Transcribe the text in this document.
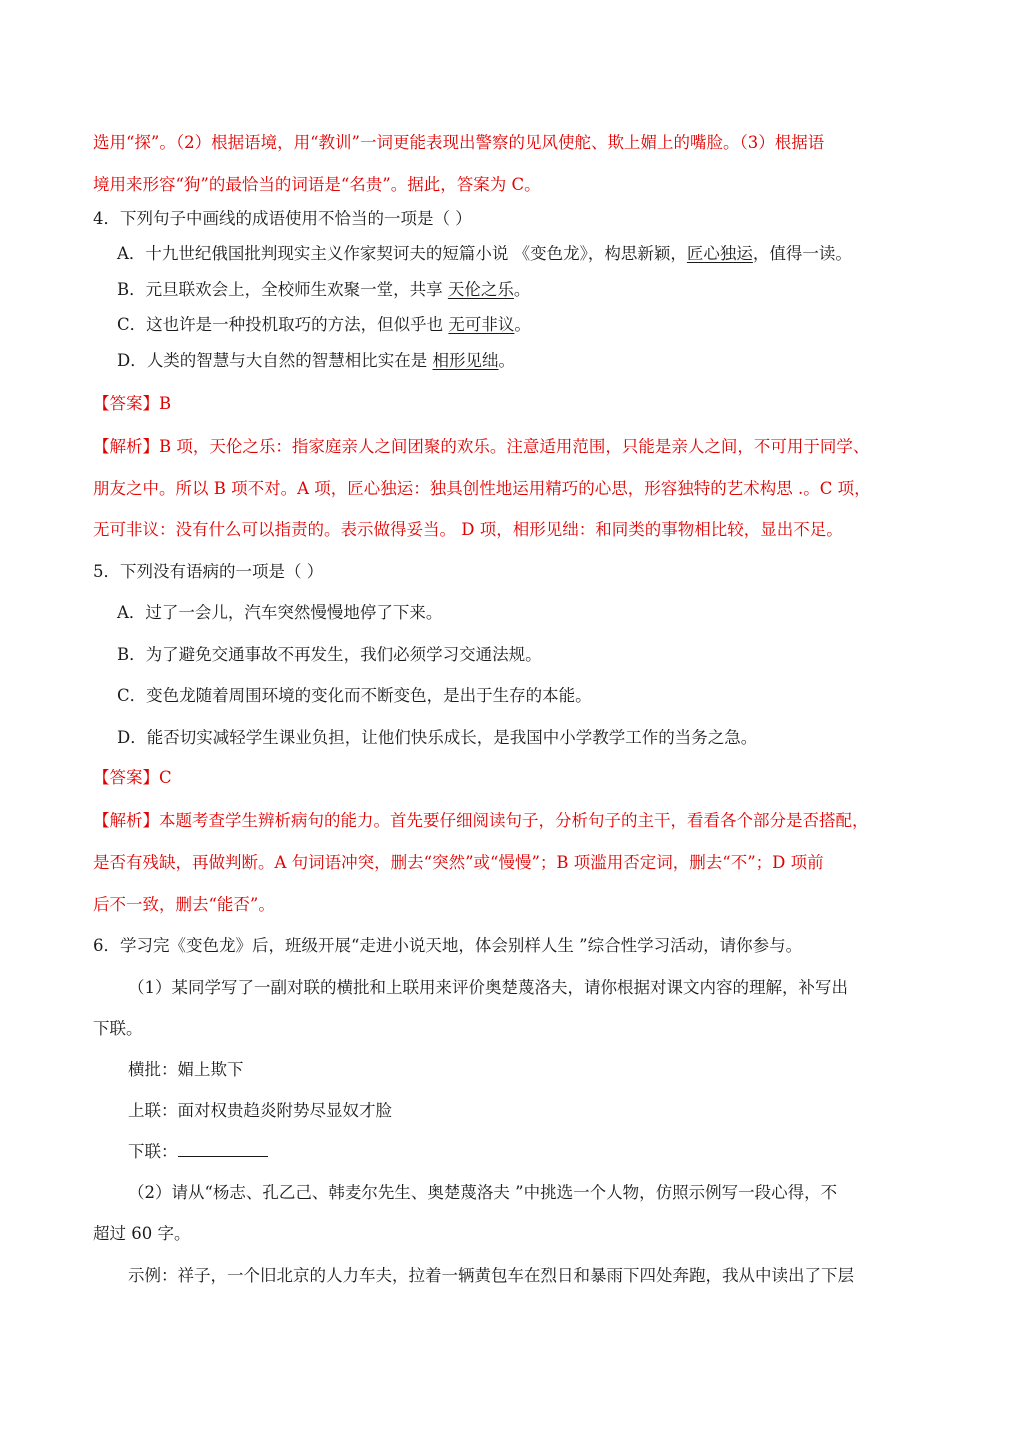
选用“探”。（2）根据语境，用“教训”一词更能表现出警察的见风使舵、欺上媚上的嘴脸。（3）根据语
境用来形容“狗”的最恰当的词语是“名贵”。据此，答案为 C。
4．下列句子中画线的成语使用不恰当的一项是（ ）
A．十九世纪俄国批判现实主义作家契诃夫的短篇小说 《变色龙》，构思新颖，匠心独运，值得一读。
B．元旦联欢会上，全校师生欢聚一堂，共享 天伦之乐。
C．这也许是一种投机取巧的方法，但似乎也 无可非议。
D．人类的智慧与大自然的智慧相比实在是 相形见绌。
【答案】B
【解析】B 项，天伦之乐：指家庭亲人之间团聚的欢乐。注意适用范围，只能是亲人之间，不可用于同学、
朋友之中。所以 B 项不对。A 项，匠心独运：独具创性地运用精巧的心思，形容独特的艺术构思 .。C 项，
无可非议：没有什么可以指责的。表示做得妥当。 D 项，相形见绌：和同类的事物相比较，显出不足。
5．下列没有语病的一项是（ ）
A．过了一会儿，汽车突然慢慢地停了下来。
B．为了避免交通事故不再发生，我们必须学习交通法规。
C．变色龙随着周围环境的变化而不断变色，是出于生存的本能。
D．能否切实减轻学生课业负担，让他们快乐成长，是我国中小学教学工作的当务之急。
【答案】C
【解析】本题考查学生辨析病句的能力。首先要仔细阅读句子，分析句子的主干，看看各个部分是否搭配，
是否有残缺，再做判断。A 句词语冲突，删去“突然”或“慢慢”；B 项滥用否定词，删去“不”；D 项前
后不一致，删去“能否”。
6．学习完《变色龙》后，班级开展“走进小说天地，体会别样人生 ”综合性学习活动，请你参与。
（1）某同学写了一副对联的横批和上联用来评价奥楚蔑洛夫，请你根据对课文内容的理解，补写出
下联。
横批：媚上欺下
上联：面对权贵趋炎附势尽显奴才脸
下联：
（2）请从“杨志、孔乙己、韩麦尔先生、奥楚蔑洛夫 ”中挑选一个人物，仿照示例写一段心得，不
超过 60 字。
示例：祥子，一个旧北京的人力车夫，拉着一辆黄包车在烈日和暴雨下四处奔跑，我从中读出了下层
